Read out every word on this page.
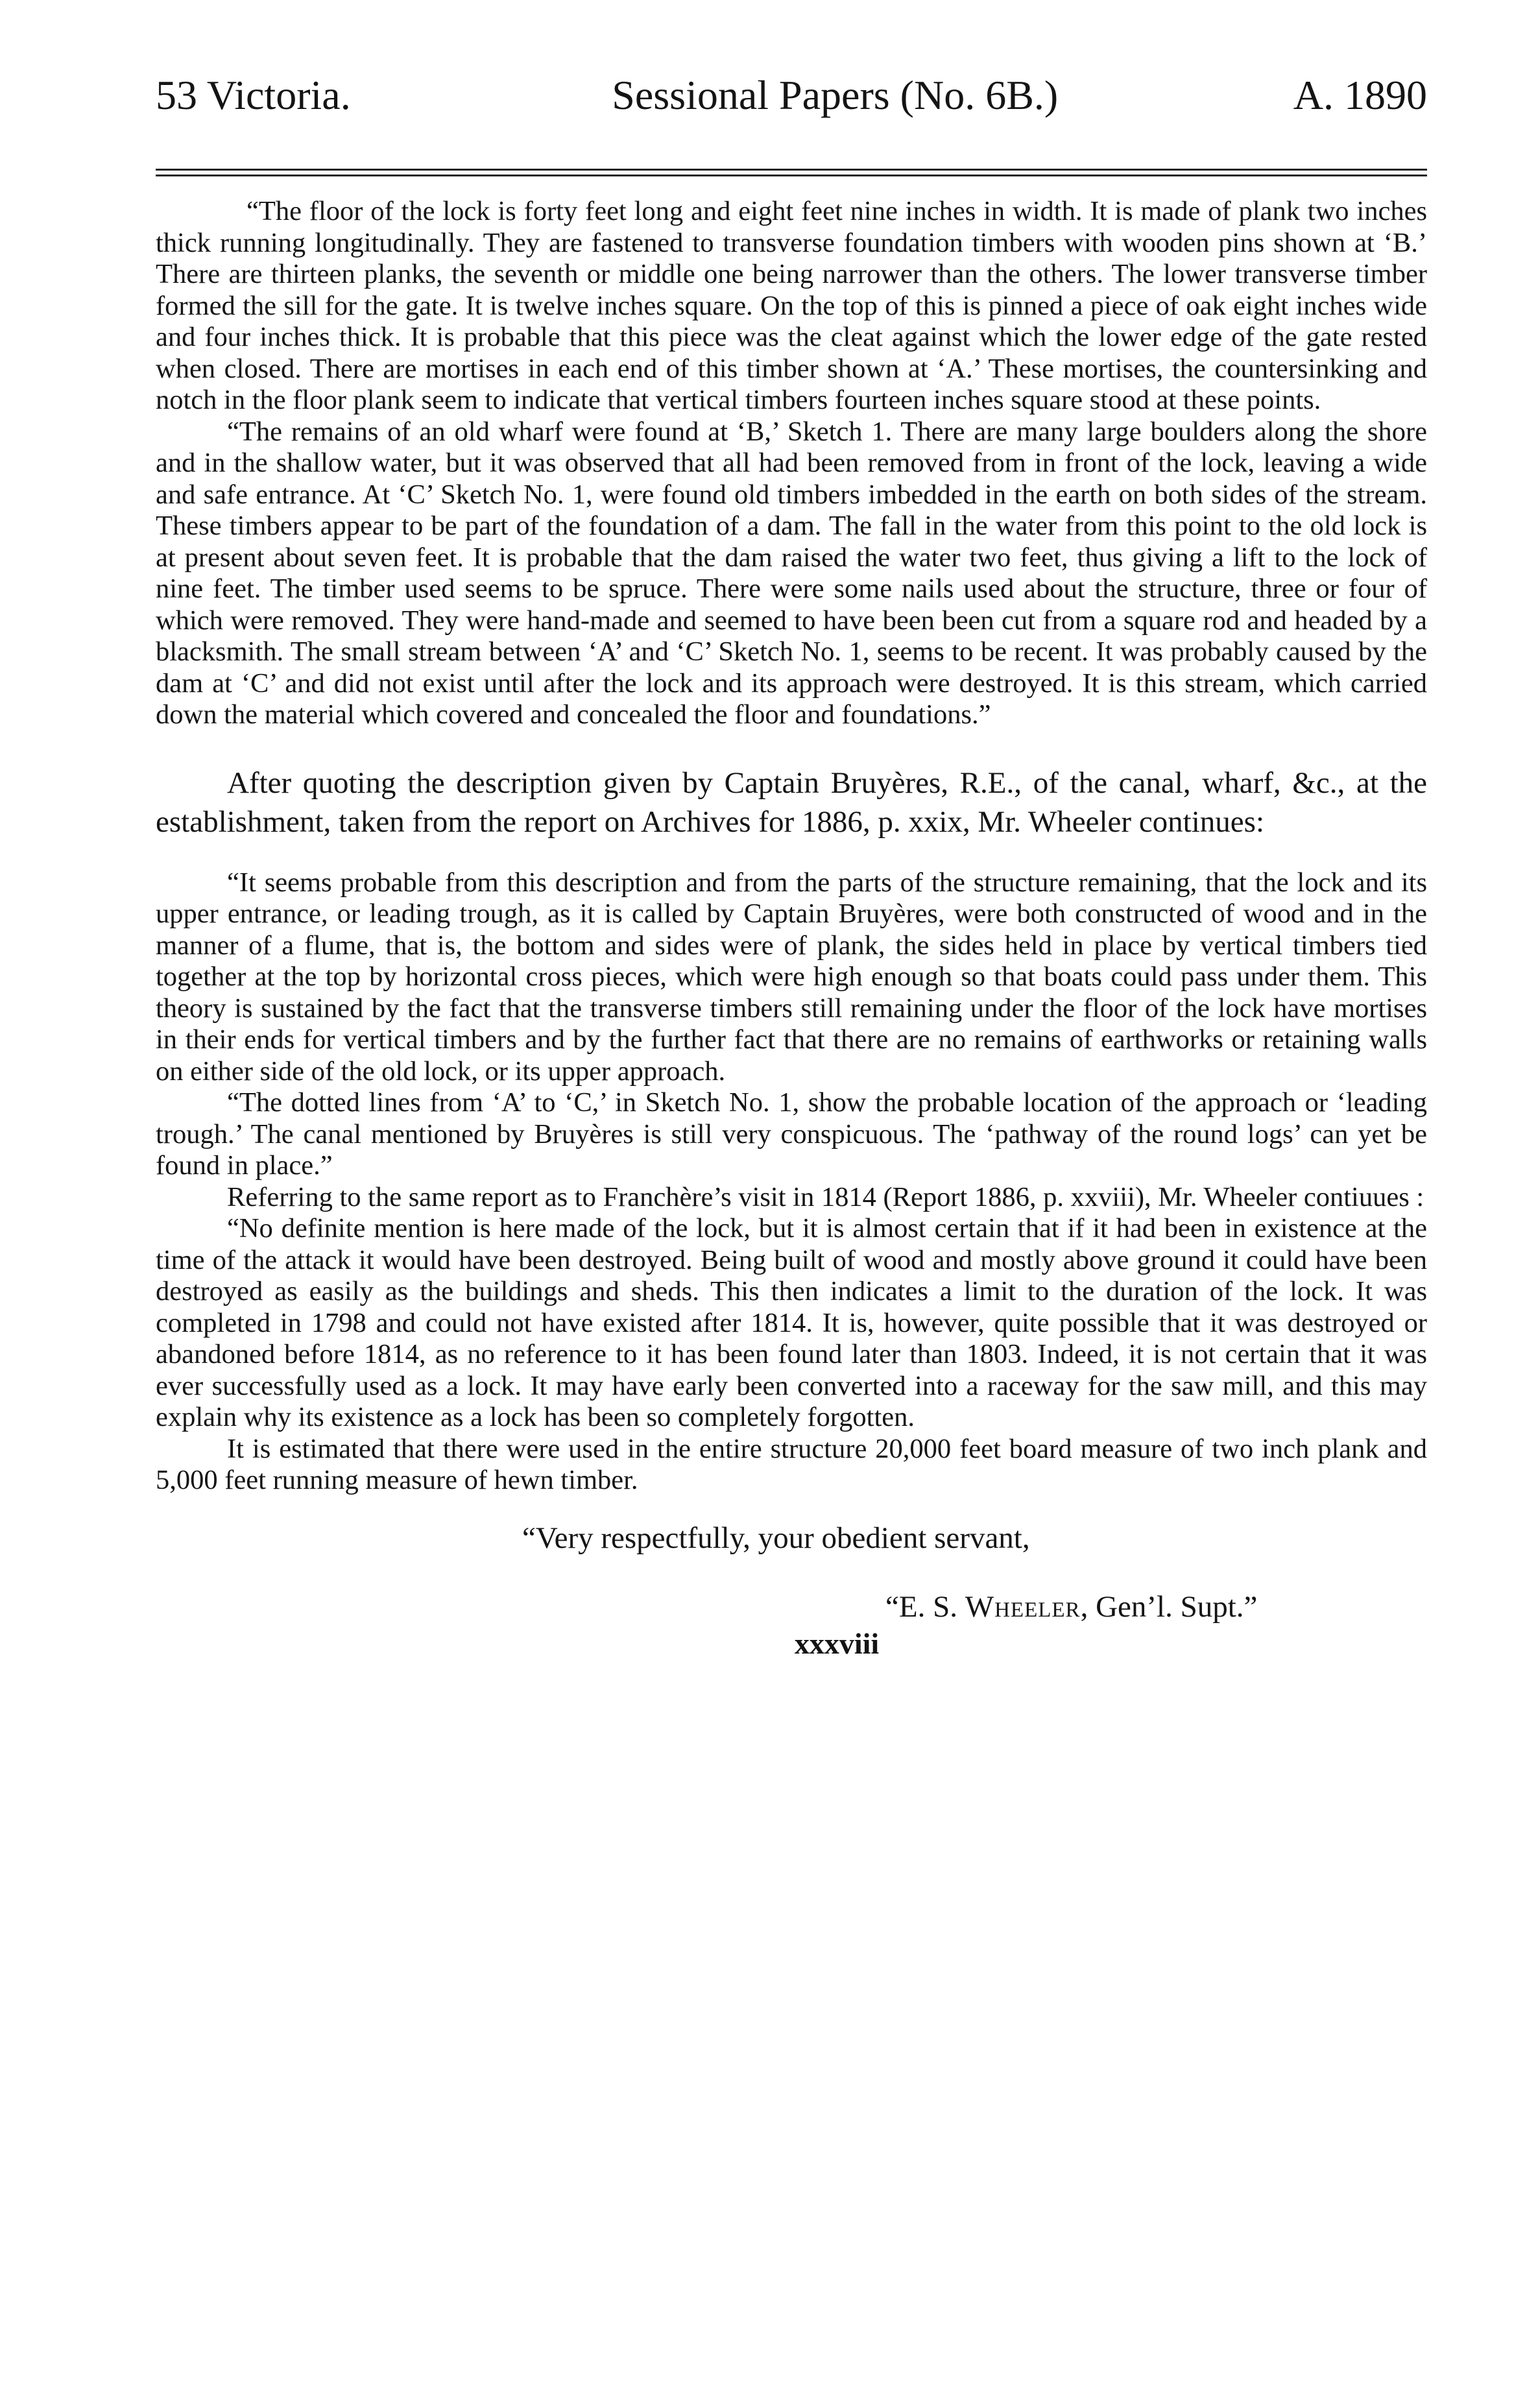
53 Victoria.	Sessional Papers (No. 6B.)	A. 1890

“The floor of the lock is forty feet long and eight feet nine inches in width. It is made of plank two inches thick running longitudinally. They are fastened to transverse foundation timbers with wooden pins shown at ‘B.’ There are thirteen planks, the seventh or middle one being narrower than the others. The lower transverse timber formed the sill for the gate. It is twelve inches square. On the top of this is pinned a piece of oak eight inches wide and four inches thick. It is probable that this piece was the cleat against which the lower edge of the gate rested when closed. There are mortises in each end of this timber shown at ‘A.’ These mortises, the countersinking and notch in the floor plank seem to indicate that vertical timbers fourteen inches square stood at these points.

“The remains of an old wharf were found at ‘B,’ Sketch 1. There are many large boulders along the shore and in the shallow water, but it was observed that all had been removed from in front of the lock, leaving a wide and safe entrance. At ‘C’ Sketch No. 1, were found old timbers imbedded in the earth on both sides of the stream. These timbers appear to be part of the foundation of a dam. The fall in the water from this point to the old lock is at present about seven feet. It is probable that the dam raised the water two feet, thus giving a lift to the lock of nine feet. The timber used seems to be spruce. There were some nails used about the structure, three or four of which were removed. They were hand-made and seemed to have been been cut from a square rod and headed by a blacksmith. The small stream between ‘A’ and ‘C’ Sketch No. 1, seems to be recent. It was probably caused by the dam at ‘C’ and did not exist until after the lock and its approach were destroyed. It is this stream, which carried down the material which covered and concealed the floor and foundations.”

After quoting the description given by Captain Bruyères, R.E., of the canal, wharf, &c., at the establishment, taken from the report on Archives for 1886, p. xxix, Mr. Wheeler continues:

“It seems probable from this description and from the parts of the structure remaining, that the lock and its upper entrance, or leading trough, as it is called by Captain Bruyères, were both constructed of wood and in the manner of a flume, that is, the bottom and sides were of plank, the sides held in place by vertical timbers tied together at the top by horizontal cross pieces, which were high enough so that boats could pass under them. This theory is sustained by the fact that the transverse timbers still remaining under the floor of the lock have mortises in their ends for vertical timbers and by the further fact that there are no remains of earthworks or retaining walls on either side of the old lock, or its upper approach.

“The dotted lines from ‘A’ to ‘C,’ in Sketch No. 1, show the probable location of the approach or ‘leading trough.’ The canal mentioned by Bruyères is still very conspicuous. The ‘pathway of the round logs’ can yet be found in place.”

Referring to the same report as to Franchère’s visit in 1814 (Report 1886, p. xxviii), Mr. Wheeler contiuues :

“No definite mention is here made of the lock, but it is almost certain that if it had been in existence at the time of the attack it would have been destroyed. Being built of wood and mostly above ground it could have been destroyed as easily as the buildings and sheds. This then indicates a limit to the duration of the lock. It was completed in 1798 and could not have existed after 1814. It is, however, quite possible that it was destroyed or abandoned before 1814, as no reference to it has been found later than 1803. Indeed, it is not certain that it was ever successfully used as a lock. It may have early been converted into a raceway for the saw mill, and this may explain why its existence as a lock has been so completely forgotten.

It is estimated that there were used in the entire structure 20,000 feet board measure of two inch plank and 5,000 feet running measure of hewn timber.

“Very respectfully, your obedient servant,
“E. S. Wheeler, Gen’l. Supt.”
xxxviii
